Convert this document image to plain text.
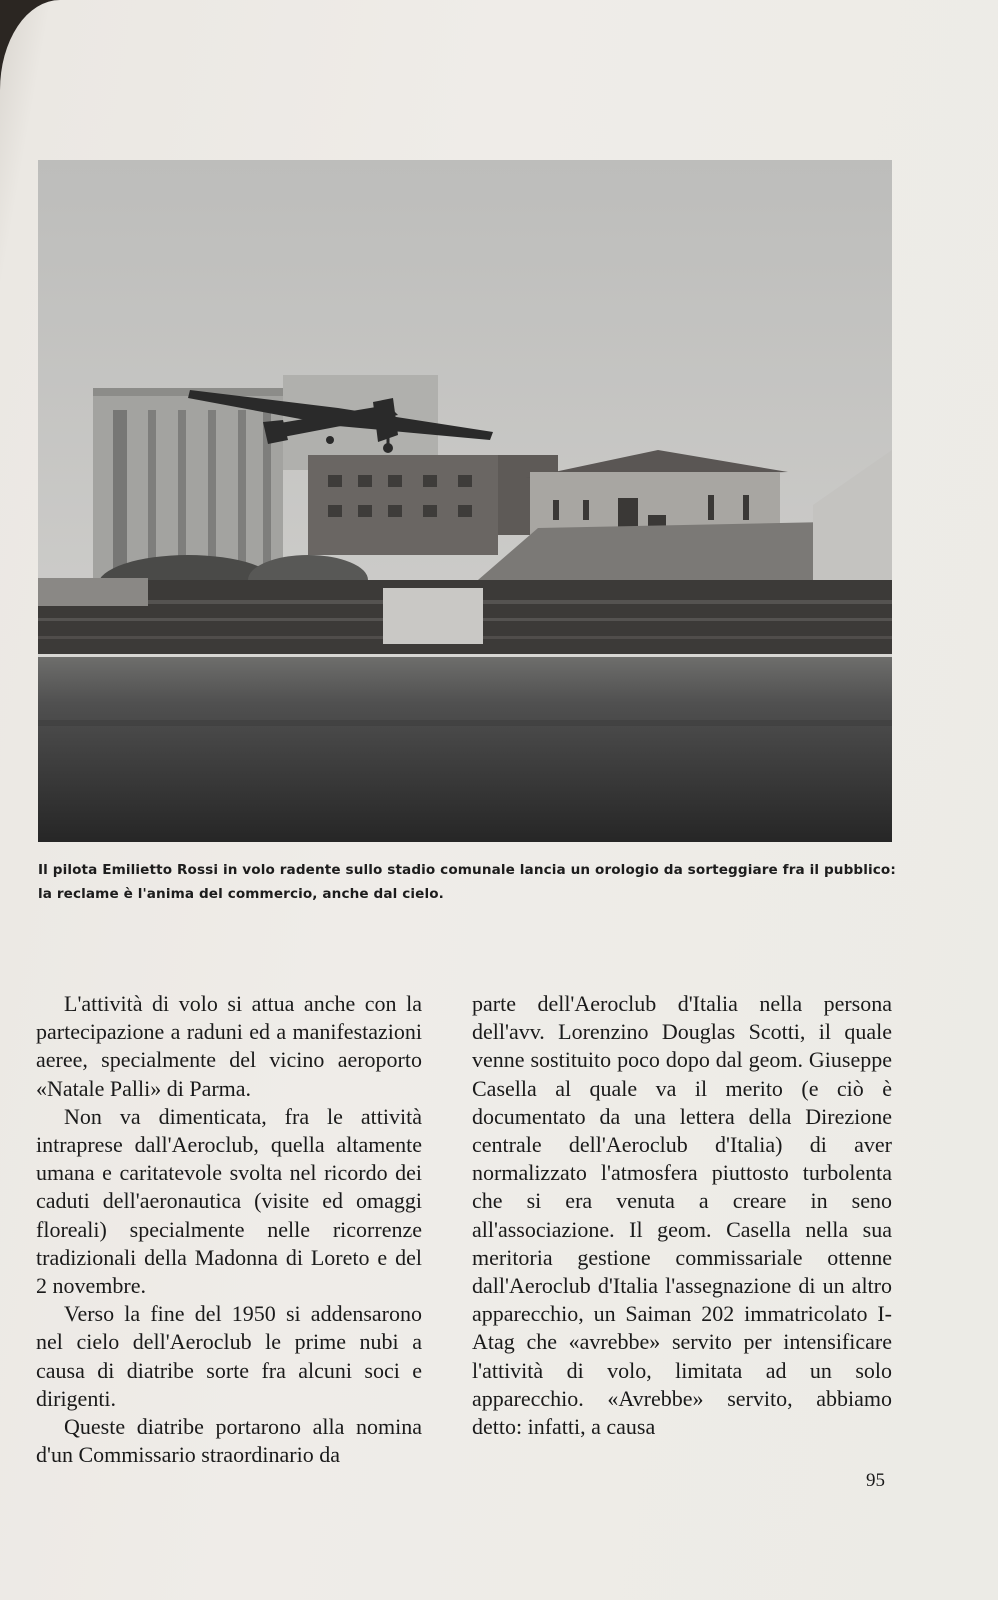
Il pilota Emilietto Rossi in volo radente sullo stadio comunale lancia un orologio da sorteggiare fra il pubblico:
la reclame è l'anima del commercio, anche dal cielo.

L'attività di volo si attua anche con la partecipazione a raduni ed a manifestazioni aeree, specialmente del vicino aeroporto «Natale Palli» di Parma.

Non va dimenticata, fra le attività intraprese dall'Aeroclub, quella altamente umana e caritatevole svolta nel ricordo dei caduti dell'aeronautica (visite ed omaggi floreali) specialmente nelle ricorrenze tradizionali della Madonna di Loreto e del 2 novembre.

Verso la fine del 1950 si addensarono nel cielo dell'Aeroclub le prime nubi a causa di diatribe sorte fra alcuni soci e dirigenti.

Queste diatribe portarono alla nomina d'un Commissario straordinario da

parte dell'Aeroclub d'Italia nella persona dell'avv. Lorenzino Douglas Scotti, il quale venne sostituito poco dopo dal geom. Giuseppe Casella al quale va il merito (e ciò è documentato da una lettera della Direzione centrale dell'Aeroclub d'Italia) di aver normalizzato l'atmosfera piuttosto turbolenta che si era venuta a creare in seno all'associazione. Il geom. Casella nella sua meritoria gestione commissariale ottenne dall'Aeroclub d'Italia l'assegnazione di un altro apparecchio, un Saiman 202 immatricolato I-Atag che «avrebbe» servito per intensificare l'attività di volo, limitata ad un solo apparecchio. «Avrebbe» servito, abbiamo detto: infatti, a causa

95
